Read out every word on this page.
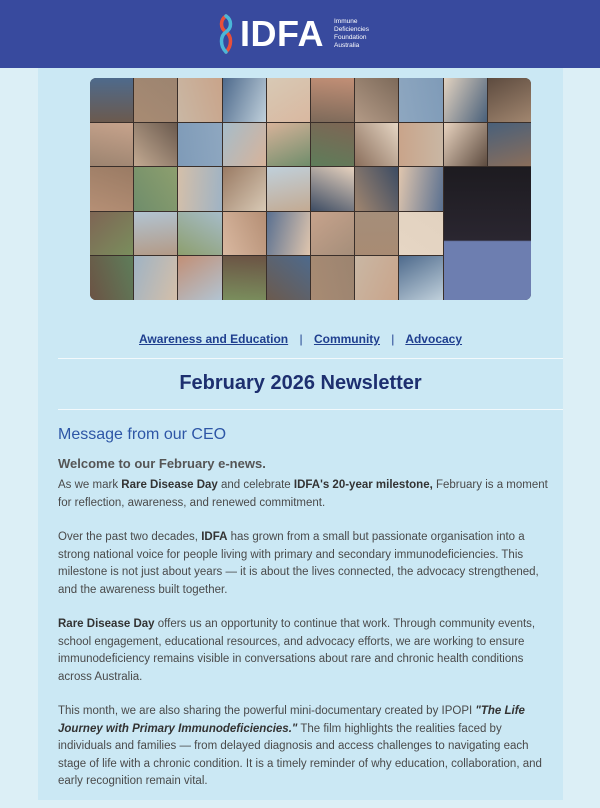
IDFA Immune Deficiencies Foundation Australia
Awareness and Education | Community | Advocacy
February 2026 Newsletter
Message from our CEO
Welcome to our February e-news.

As we mark Rare Disease Day and celebrate IDFA's 20-year milestone, February is a moment for reflection, awareness, and renewed commitment.

Over the past two decades, IDFA has grown from a small but passionate organisation into a strong national voice for people living with primary and secondary immunodeficiencies. This milestone is not just about years — it is about the lives connected, the advocacy strengthened, and the awareness built together.

Rare Disease Day offers us an opportunity to continue that work. Through community events, school engagement, educational resources, and advocacy efforts, we are working to ensure immunodeficiency remains visible in conversations about rare and chronic health conditions across Australia.

This month, we are also sharing the powerful mini-documentary created by IPOPI "The Life Journey with Primary Immunodeficiencies." The film highlights the realities faced by individuals and families — from delayed diagnosis and access challenges to navigating each stage of life with a chronic condition. It is a timely reminder of why education, collaboration, and early recognition remain vital.
